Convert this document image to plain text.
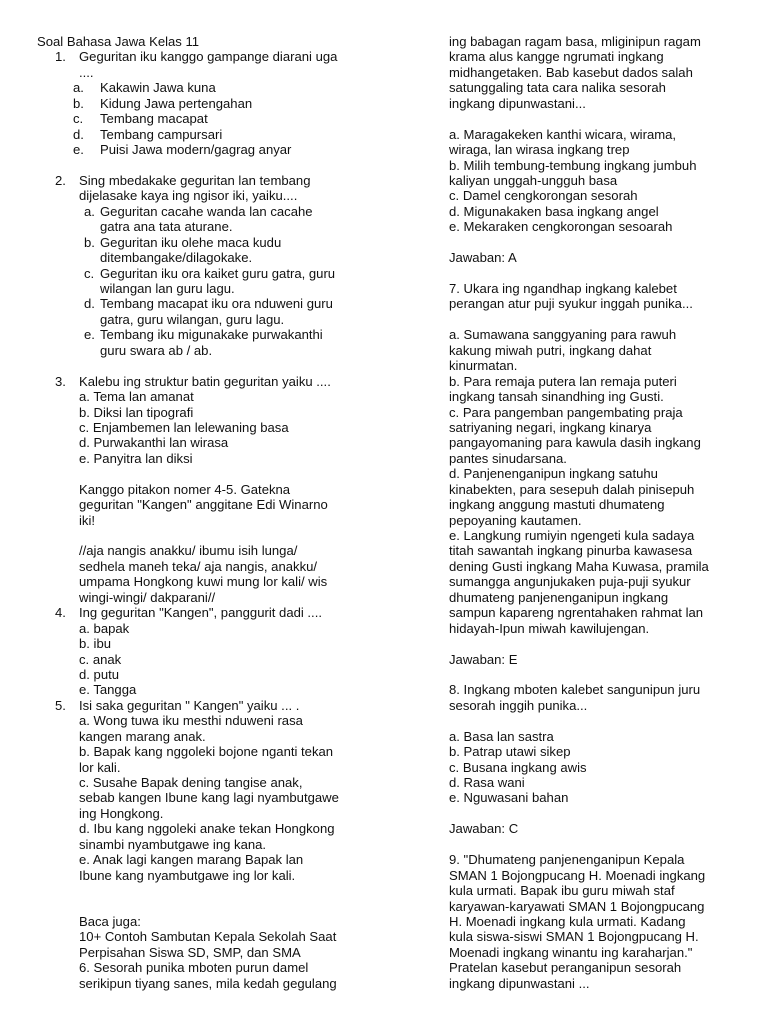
Soal Bahasa Jawa Kelas 11
1. Geguritan iku kanggo gampange diarani uga
....
a. Kakawin Jawa kuna
b. Kidung Jawa pertengahan
c. Tembang macapat
d. Tembang campursari
e. Puisi Jawa modern/gagrag anyar
2. Sing mbedakake geguritan lan tembang
dijelasake kaya ing ngisor iki, yaiku....
a. Geguritan cacahe wanda lan cacahe
gatra ana tata aturane.
b. Geguritan iku olehe maca kudu
ditembangake/dilagokake.
c. Geguritan iku ora kaiket guru gatra, guru
wilangan lan guru lagu.
d. Tembang macapat iku ora nduweni guru
gatra, guru wilangan, guru lagu.
e. Tembang iku migunakake purwakanthi
guru swara ab / ab.
3. Kalebu ing struktur batin geguritan yaiku ....
a. Tema lan amanat
b. Diksi lan tipografi
c. Enjambemen lan lelewaning basa
d. Purwakanthi lan wirasa
e. Panyitra lan diksi
Kanggo pitakon nomer 4-5. Gatekna
geguritan "Kangen" anggitane Edi Winarno
iki!
//aja nangis anakku/ ibumu isih lunga/
sedhela maneh teka/ aja nangis, anakku/
umpama Hongkong kuwi mung lor kali/ wis
wingi-wingi/ dakparani//
4. Ing geguritan "Kangen", panggurit dadi ....
a. bapak
b. ibu
c. anak
d. putu
e. Tangga
5. Isi saka geguritan " Kangen" yaiku ... .
a. Wong tuwa iku mesthi nduweni rasa
kangen marang anak.
b. Bapak kang nggoleki bojone nganti tekan
lor kali.
c. Susahe Bapak dening tangise anak,
sebab kangen Ibune kang lagi nyambutgawe
ing Hongkong.
d. Ibu kang nggoleki anake tekan Hongkong
sinambi nyambutgawe ing kana.
e. Anak lagi kangen marang Bapak lan
Ibune kang nyambutgawe ing lor kali.
Baca juga:
10+ Contoh Sambutan Kepala Sekolah Saat
Perpisahan Siswa SD, SMP, dan SMA
6. Sesorah punika mboten purun damel
serikipun tiyang sanes, mila kedah gegulang
ing babagan ragam basa, mliginipun ragam
krama alus kangge ngrumati ingkang
midhangetaken. Bab kasebut dados salah
satunggaling tata cara nalika sesorah
ingkang dipunwastani...
a. Maragakeken kanthi wicara, wirama,
wiraga, lan wirasa ingkang trep
b. Milih tembung-tembung ingkang jumbuh
kaliyan unggah-ungguh basa
c. Damel cengkorongan sesorah
d. Migunakaken basa ingkang angel
e. Mekaraken cengkorongan sesoarah
Jawaban: A
7. Ukara ing ngandhap ingkang kalebet
perangan atur puji syukur inggah punika...
a. Sumawana sanggyaning para rawuh
kakung miwah putri, ingkang dahat
kinurmatan.
b. Para remaja putera lan remaja puteri
ingkang tansah sinandhing ing Gusti.
c. Para pangemban pangembating praja
satriyaning negari, ingkang kinarya
pangayomaning para kawula dasih ingkang
pantes sinudarsana.
d. Panjenenganipun ingkang satuhu
kinabekten, para sesepuh dalah pinisepuh
ingkang anggung mastuti dhumateng
pepoyaning kautamen.
e. Langkung rumiyin ngengeti kula sadaya
titah sawantah ingkang pinurba kawasesa
dening Gusti ingkang Maha Kuwasa, pramila
sumangga angunjukaken puja-puji syukur
dhumateng panjenenganipun ingkang
sampun kapareng ngrentahaken rahmat lan
hidayah-Ipun miwah kawilujengan.
Jawaban: E
8. Ingkang mboten kalebet sangunipun juru
sesorah inggih punika...
a. Basa lan sastra
b. Patrap utawi sikep
c. Busana ingkang awis
d. Rasa wani
e. Nguwasani bahan
Jawaban: C
9. "Dhumateng panjenenganipun Kepala
SMAN 1 Bojongpucang H. Moenadi ingkang
kula urmati. Bapak ibu guru miwah staf
karyawan-karyawati SMAN 1 Bojongpucang
H. Moenadi ingkang kula urmati. Kadang
kula siswa-siswi SMAN 1 Bojongpucang H.
Moenadi ingkang winantu ing karaharjan."
Pratelan kasebut peranganipun sesorah
ingkang dipunwastani ...
